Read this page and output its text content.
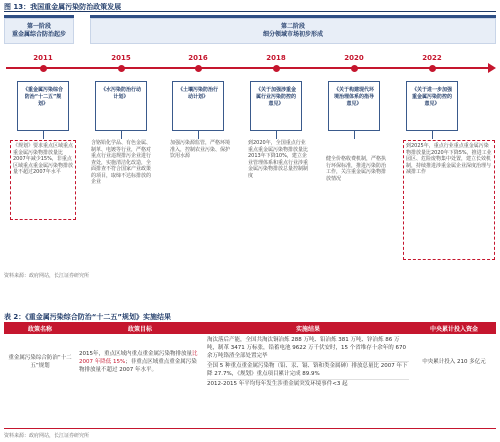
图 13：我国重金属污染防治政策发展
第一阶段
重金属综合防治起步
第二阶段
细分领域市场初步形成
2011	2015	2016	2018	2020	2022
《重金属污染综合防治“十二五”规划》
《水污染防治行动计划》
《土壤污染防治行动计划》
《关于加强涉重金属行业污染防控的意见》
《关于构建现代环境治理体系的指导意见》
《关于进一步加强重金属污染防控的意见》
《规划》要求重点区域重点重金属污染物排放量比2007年减少15%，非重点区域重点重金属污染物排放量不超过2007年水平
含铬铅化学品、有色金属、制革、电镀等行业，严格对重点行业违规排污企业进行查处，实施清洁化改造，全面排查不符合国家产业政策的项目，取缔不达标排放的企业
加强污染源监管，严格环境准入，控制农业污染、保护饮用水源
到2020年，全国重点行业重点重金属污染物排放量比2013年下降10%，建立企业管理体系和重点行业涉重金属污染物排放总量控制制度
健全价格收费机制，严格执行环保标准，推进污染防治工作，关注重金属污染物排放情况
到2025年，重点行业重点重金属污染物排放量比2020年下降5%，推进工业园区、危险废物集中处置，建立长效机制，持续推进涉重金属企业深度治理与减排工作
资料来源：政府网站，长江证券研究所
表 2：《重金属污染综合防治“十二五”规划》实施结果
政策名称	政策目标	实施结果	中央累计投入资金
重金属污染综合防治“十二五”规划	2015年，重点区域内重点重金属污染物排放量比 2007 年降低 15%；非重点区域重点重金属污染物排放量不超过 2007 年水平。	淘汰落后产能，全国共淘汰铜冶炼 288 万吨、铅冶炼 381 万吨、锌冶炼 86 万吨，制革 3471 万标张，铅蓄电池 9622 万千伏安时，15 个省堆存十余年的 670 余万吨铬渣全部处置完毕
全国 5 种重点重金属污染物（铅、汞、镉、铬和类金属砷）排放总量比 2007 年下降 27.7%，《规划》重点项目累计完成 89.9%
2012-2015 年平均每年发生涉重金属突发环境事件<3 起	中央累计投入 210 多亿元
资料来源：政府网站，长江证券研究所
